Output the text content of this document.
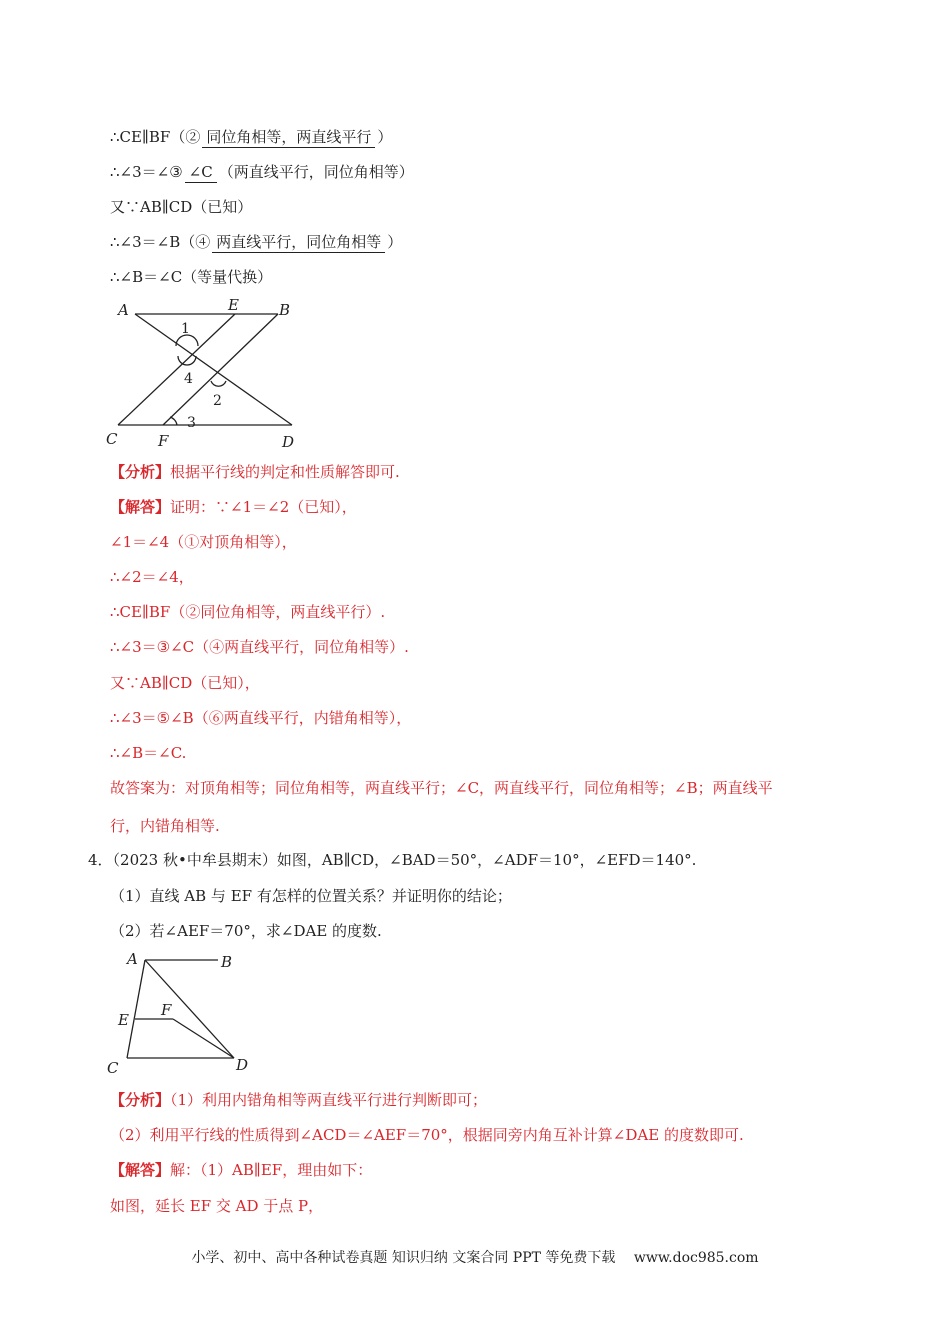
∴CE∥BF（② 同位角相等，两直线平行 ）
∴∠3＝∠③ ∠C （两直线平行，同位角相等）
又∵AB∥CD（已知）
∴∠3＝∠B（④ 两直线平行，同位角相等 ）
∴∠B＝∠C（等量代换）
A	E	B
C	F	D
1
4
2
3
【分析】根据平行线的判定和性质解答即可.
【解答】证明：∵∠1＝∠2（已知），
∠1＝∠4（①对顶角相等），
∴∠2＝∠4，
∴CE∥BF（②同位角相等，两直线平行）.
∴∠3＝③∠C（④两直线平行，同位角相等）.
又∵AB∥CD（已知），
∴∠3＝⑤∠B（⑥两直线平行，内错角相等），
∴∠B＝∠C.
故答案为：对顶角相等；同位角相等，两直线平行；∠C，两直线平行，同位角相等；∠B；两直线平
行，内错角相等.
4．（2023 秋•中牟县期末）如图，AB∥CD，∠BAD＝50°，∠ADF＝10°，∠EFD＝140°.
（1）直线 AB 与 EF 有怎样的位置关系？并证明你的结论；
（2）若∠AEF＝70°，求∠DAE 的度数.
A	B
F
E
C	D
【分析】（1）利用内错角相等两直线平行进行判断即可；
（2）利用平行线的性质得到∠ACD＝∠AEF＝70°，根据同旁内角互补计算∠DAE 的度数即可.
【解答】解：（1）AB∥EF，理由如下：
如图，延长 EF 交 AD 于点 P，
小学、初中、高中各种试卷真题 知识归纳 文案合同 PPT 等免费下载　 www.doc985.com
